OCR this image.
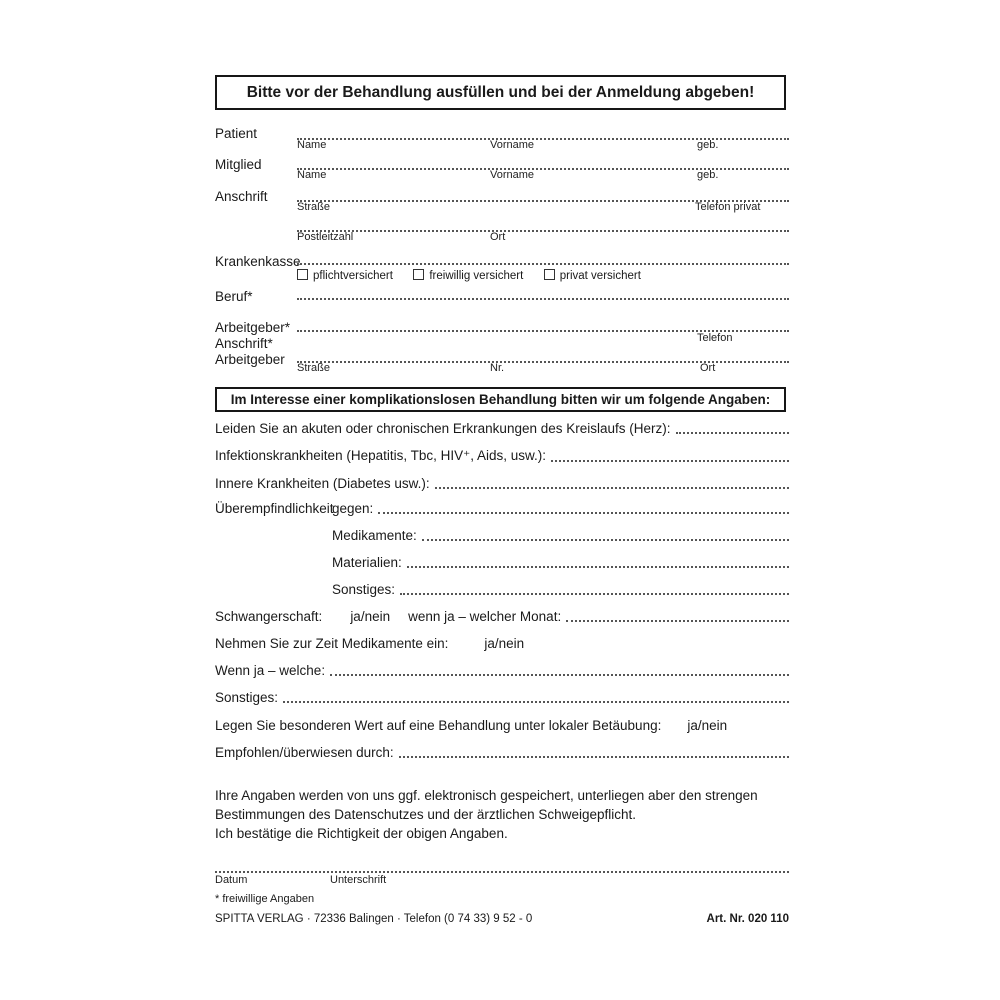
Bitte vor der Behandlung ausfüllen und bei der Anmeldung abgeben!
Patient
Name	Vorname	geb.
Mitglied
Name	Vorname	geb.
Anschrift
Straße	Telefon privat
Postleitzahl	Ort
Krankenkasse
pflichtversichert	freiwillig versichert	privat versichert
Beruf*
Arbeitgeber*
Telefon
Anschrift*
Arbeitgeber
Straße	Nr.	Ort
Im Interesse einer komplikationslosen Behandlung bitten wir um folgende Angaben:
Leiden Sie an akuten oder chronischen Erkrankungen des Kreislaufs (Herz):
Infektionskrankheiten (Hepatitis, Tbc, HIV⁺, Aids, usw.):
Innere Krankheiten (Diabetes usw.):
Überempfindlichkeit
gegen:
Medikamente:
Materialien:
Sonstiges:
Schwangerschaft: ja/nein wenn ja – welcher Monat:
Nehmen Sie zur Zeit Medikamente ein:	ja/nein
Wenn ja – welche:
Sonstiges:
Legen Sie besonderen Wert auf eine Behandlung unter lokaler Betäubung: ja/nein
Empfohlen/überwiesen durch:
Ihre Angaben werden von uns ggf. elektronisch gespeichert, unterliegen aber den strengen
Bestimmungen des Datenschutzes und der ärztlichen Schweigepflicht.
Ich bestätige die Richtigkeit der obigen Angaben.
Datum	Unterschrift
* freiwillige Angaben
SPITTA VERLAG · 72336 Balingen · Telefon (0 74 33) 9 52 - 0	Art. Nr. 020 110
